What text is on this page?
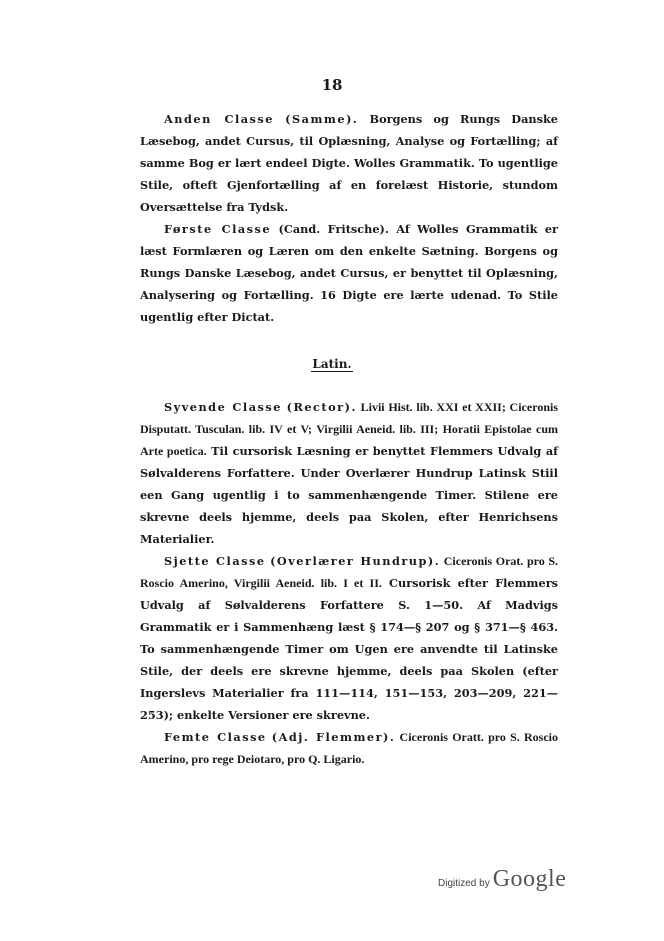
18

Anden Classe (Samme). Borgens og Rungs Danske Læsebog, andet Cursus, til Oplæsning, Analyse og Fortælling; af samme Bog er lært endeel Digte. Wolles Grammatik. To ugentlige Stile, ofteft Gjenfortælling af en forelæst Historie, stundom Oversættelse fra Tydsk.

Første Classe (Cand. Fritsche). Af Wolles Grammatik er læst Formlæren og Læren om den enkelte Sætning. Borgens og Rungs Danske Læsebog, andet Cursus, er benyttet til Oplæsning, Analysering og Fortælling. 16 Digte ere lærte udenad. To Stile ugentlig efter Dictat.

Latin.

Syvende Classe (Rector). Livii Hist. lib. XXI et XXII; Ciceronis Disputatt. Tusculan. lib. IV et V; Virgilii Aeneid. lib. III; Horatii Epistolae cum Arte poetica. Til cursorisk Læsning er benyttet Flemmers Udvalg af Sølvalderens Forfattere. Under Overlærer Hundrup Latinsk Stiil een Gang ugentlig i to sammenhængende Timer. Stilene ere skrevne deels hjemme, deels paa Skolen, efter Henrichsens Materialier.

Sjette Classe (Overlærer Hundrup). Ciceronis Orat. pro S. Roscio Amerino, Virgilii Aeneid. lib. I et II. Cursorisk efter Flemmers Udvalg af Sølvalderens Forfattere S. 1—50. Af Madvigs Grammatik er i Sammenhæng læst § 174—§ 207 og § 371—§ 463. To sammenhængende Timer om Ugen ere anvendte til Latinske Stile, der deels ere skrevne hjemme, deels paa Skolen (efter Ingerslevs Materialier fra 111—114, 151—153, 203—209, 221—253); enkelte Versioner ere skrevne.

Femte Classe (Adj. Flemmer). Ciceronis Oratt. pro S. Roscio Amerino, pro rege Deiotaro, pro Q. Ligario.

Digitized by Google
